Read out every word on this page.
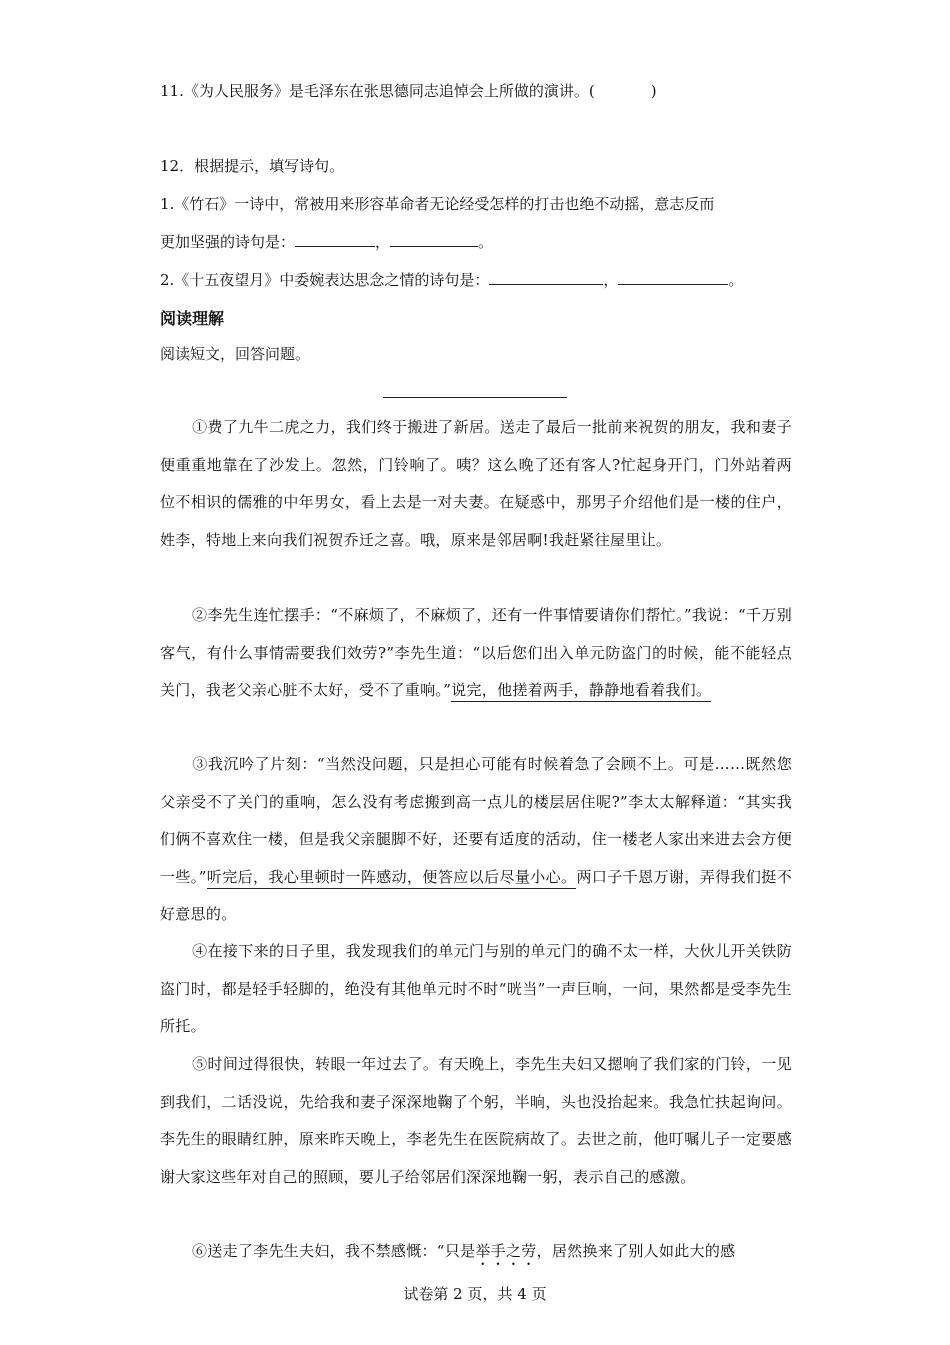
11.《为人民服务》是毛泽东在张思德同志追悼会上所做的演讲。(	)
12．根据提示，填写诗句。
1.《竹石》一诗中，常被用来形容革命者无论经受怎样的打击也绝不动摇，意志反而
更加坚强的诗句是：	，	。
2.《十五夜望月》中委婉表达思念之情的诗句是：	，	。
阅读理解
阅读短文，回答问题。
①费了九牛二虎之力，我们终于搬进了新居。送走了最后一批前来祝贺的朋友，我和妻子便重重地靠在了沙发上。忽然，门铃响了。咦？这么晚了还有客人?忙起身开门，门外站着两位不相识的儒雅的中年男女，看上去是一对夫妻。在疑惑中，那男子介绍他们是一楼的住户，姓李，特地上来向我们祝贺乔迁之喜。哦，原来是邻居啊!我赶紧往屋里让。
②李先生连忙摆手：“不麻烦了，不麻烦了，还有一件事情要请你们帮忙。”我说：“千万别客气，有什么事情需要我们效劳?”李先生道：“以后您们出入单元防盗门的时候，能不能轻点关门，我老父亲心脏不太好，受不了重响。”说完，他搓着两手，静静地看着我们。
③我沉吟了片刻：“当然没问题，只是担心可能有时候着急了会顾不上。可是……既然您父亲受不了关门的重响，怎么没有考虑搬到高一点儿的楼层居住呢?”李太太解释道：“其实我们俩不喜欢住一楼，但是我父亲腿脚不好，还要有适度的活动，住一楼老人家出来进去会方便一些。”听完后，我心里顿时一阵感动，便答应以后尽量小心。两口子千恩万谢，弄得我们挺不好意思的。
④在接下来的日子里，我发现我们的单元门与别的单元门的确不太一样，大伙儿开关铁防盗门时，都是轻手轻脚的，绝没有其他单元时不时“咣当”一声巨响，一问，果然都是受李先生所托。
⑤时间过得很快，转眼一年过去了。有天晚上，李先生夫妇又摁响了我们家的门铃，一见到我们，二话没说，先给我和妻子深深地鞠了个躬，半晌，头也没抬起来。我急忙扶起询问。李先生的眼睛红肿，原来昨天晚上，李老先生在医院病故了。去世之前，他叮嘱儿子一定要感谢大家这些年对自己的照顾，要儿子给邻居们深深地鞠一躬，表示自己的感激。
⑥送走了李先生夫妇，我不禁感慨：“只是举手之劳，居然换来了别人如此大的感
试卷第 2 页，共 4 页
